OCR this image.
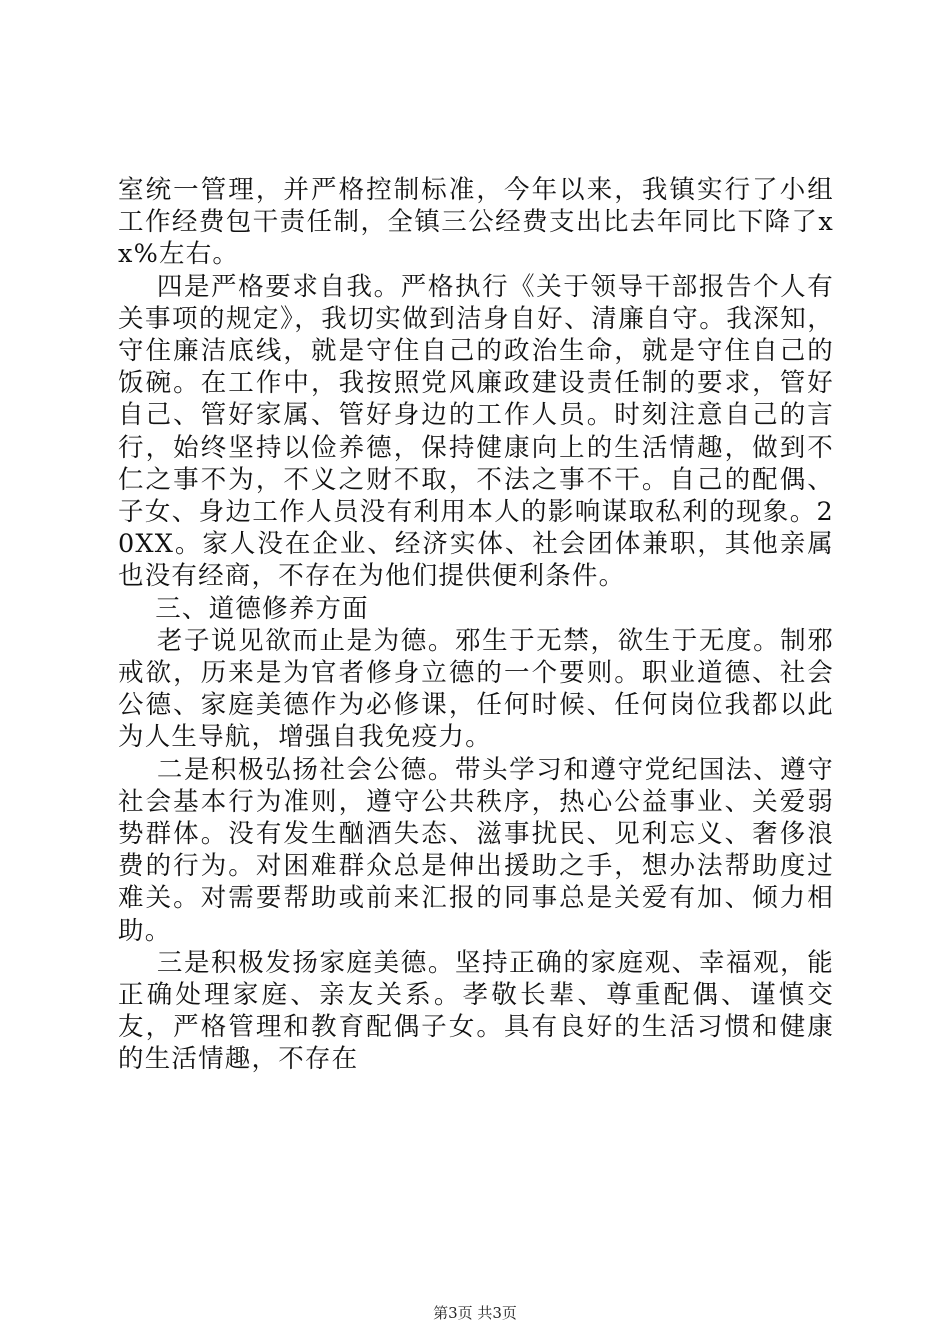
室统一管理，并严格控制标准，今年以来，我镇实行了小组工作经费包干责任制，全镇三公经费支出比去年同比下降了xx%左右。

四是严格要求自我。严格执行《关于领导干部报告个人有关事项的规定》，我切实做到洁身自好、清廉自守。我深知，守住廉洁底线，就是守住自己的政治生命，就是守住自己的饭碗。在工作中，我按照党风廉政建设责任制的要求，管好自己、管好家属、管好身边的工作人员。时刻注意自己的言行，始终坚持以俭养德，保持健康向上的生活情趣，做到不仁之事不为，不义之财不取，不法之事不干。自己的配偶、子女、身边工作人员没有利用本人的影响谋取私利的现象。20XX。家人没在企业、经济实体、社会团体兼职，其他亲属也没有经商，不存在为他们提供便利条件。

三、道德修养方面

老子说见欲而止是为德。邪生于无禁，欲生于无度。制邪戒欲，历来是为官者修身立德的一个要则。职业道德、社会公德、家庭美德作为必修课，任何时候、任何岗位我都以此为人生导航，增强自我免疫力。

二是积极弘扬社会公德。带头学习和遵守党纪国法、遵守社会基本行为准则，遵守公共秩序，热心公益事业、关爱弱势群体。没有发生酗酒失态、滋事扰民、见利忘义、奢侈浪费的行为。对困难群众总是伸出援助之手，想办法帮助度过难关。对需要帮助或前来汇报的同事总是关爱有加、倾力相助。

三是积极发扬家庭美德。坚持正确的家庭观、幸福观，能正确处理家庭、亲友关系。孝敬长辈、尊重配偶、谨慎交友，严格管理和教育配偶子女。具有良好的生活习惯和健康的生活情趣，不存在

第3页 共3页
